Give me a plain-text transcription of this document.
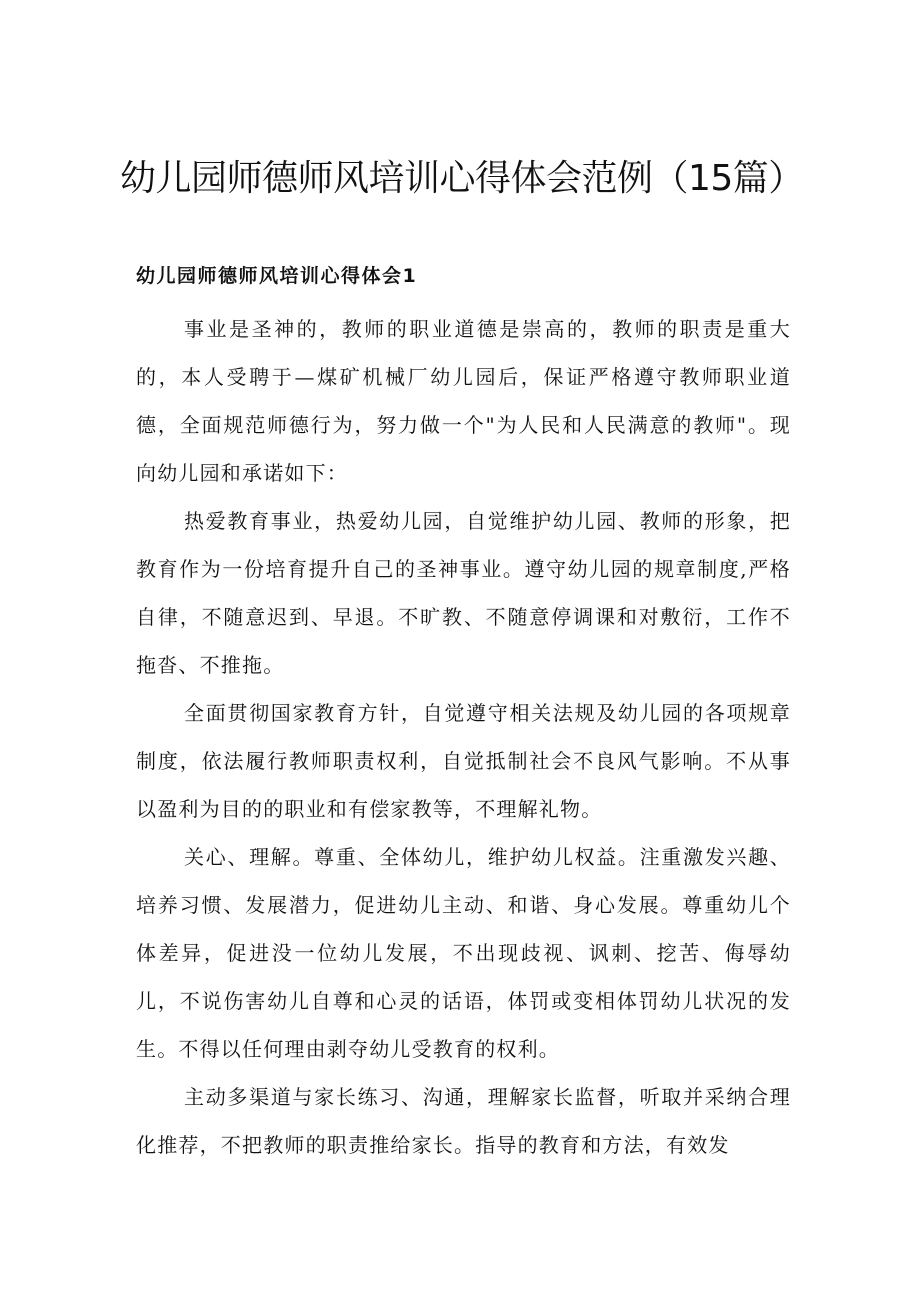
幼儿园师德师风培训心得体会范例（15篇）
幼儿园师德师风培训心得体会1

事业是圣神的，教师的职业道德是崇高的，教师的职责是重大的，本人受聘于—煤矿机械厂幼儿园后，保证严格遵守教师职业道德，全面规范师德行为，努力做一个"为人民和人民满意的教师"。现向幼儿园和承诺如下：

热爱教育事业，热爱幼儿园，自觉维护幼儿园、教师的形象，把教育作为一份培育提升自己的圣神事业。遵守幼儿园的规章制度,严格自律，不随意迟到、早退。不旷教、不随意停调课和对敷衍，工作不拖沓、不推拖。

全面贯彻国家教育方针，自觉遵守相关法规及幼儿园的各项规章制度，依法履行教师职责权利，自觉抵制社会不良风气影响。不从事以盈利为目的的职业和有偿家教等，不理解礼物。

关心、理解。尊重、全体幼儿，维护幼儿权益。注重激发兴趣、培养习惯、发展潜力，促进幼儿主动、和谐、身心发展。尊重幼儿个体差异，促进没一位幼儿发展，不出现歧视、讽刺、挖苦、侮辱幼儿，不说伤害幼儿自尊和心灵的话语，体罚或变相体罚幼儿状况的发生。不得以任何理由剥夺幼儿受教育的权利。

主动多渠道与家长练习、沟通，理解家长监督，听取并采纳合理化推荐，不把教师的职责推给家长。指导的教育和方法，有效发
